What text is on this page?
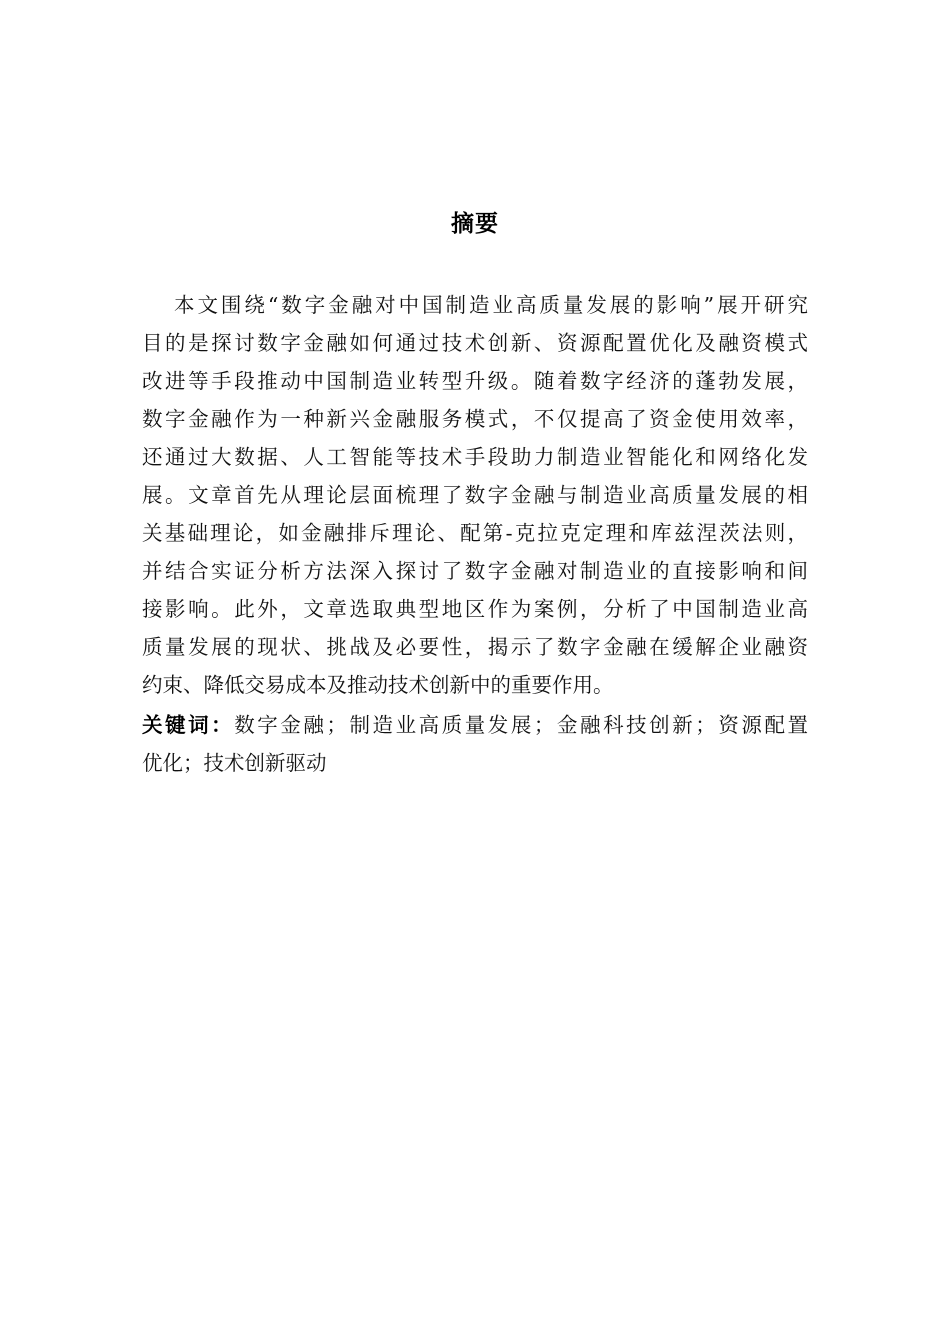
摘要
本文围绕“数字金融对中国制造业高质量发展的影响”展开研究
目的是探讨数字金融如何通过技术创新、资源配置优化及融资模式
改进等手段推动中国制造业转型升级。随着数字经济的蓬勃发展，
数字金融作为一种新兴金融服务模式，不仅提高了资金使用效率，
还通过大数据、人工智能等技术手段助力制造业智能化和网络化发
展。文章首先从理论层面梳理了数字金融与制造业高质量发展的相
关基础理论，如金融排斥理论、配第-克拉克定理和库兹涅茨法则，
并结合实证分析方法深入探讨了数字金融对制造业的直接影响和间
接影响。此外，文章选取典型地区作为案例，分析了中国制造业高
质量发展的现状、挑战及必要性，揭示了数字金融在缓解企业融资
约束、降低交易成本及推动技术创新中的重要作用。
关键词：数字金融；制造业高质量发展；金融科技创新；资源配置
优化；技术创新驱动
